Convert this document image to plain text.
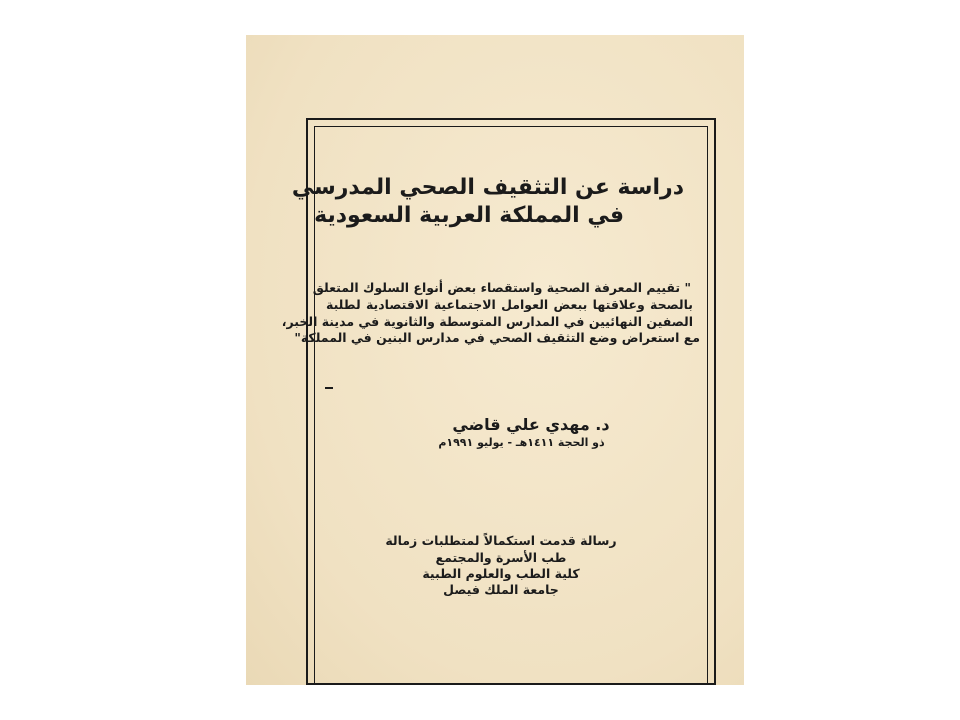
دراسة عن التثقيف الصحي المدرسي
في المملكة العربية السعودية
" تقييم المعرفة الصحية واستقصاء بعض أنواع السلوك المتعلق
بالصحة وعلاقتها ببعض العوامل الاجتماعية الاقتصادية لطلبة
الصفين النهائيين في المدارس المتوسطة والثانوية في مدينة الخبر،
مع استعراض وضع التثقيف الصحي في مدارس البنين في المملكة"
د. مهدي علي قاضي
ذو الحجة ١٤١١هـ - يوليو ١٩٩١م
رسالة قدمت استكمالاً لمتطلبات زمالة
طب الأسرة والمجتمع
كلية الطب والعلوم الطبية
جامعة الملك فيصل
